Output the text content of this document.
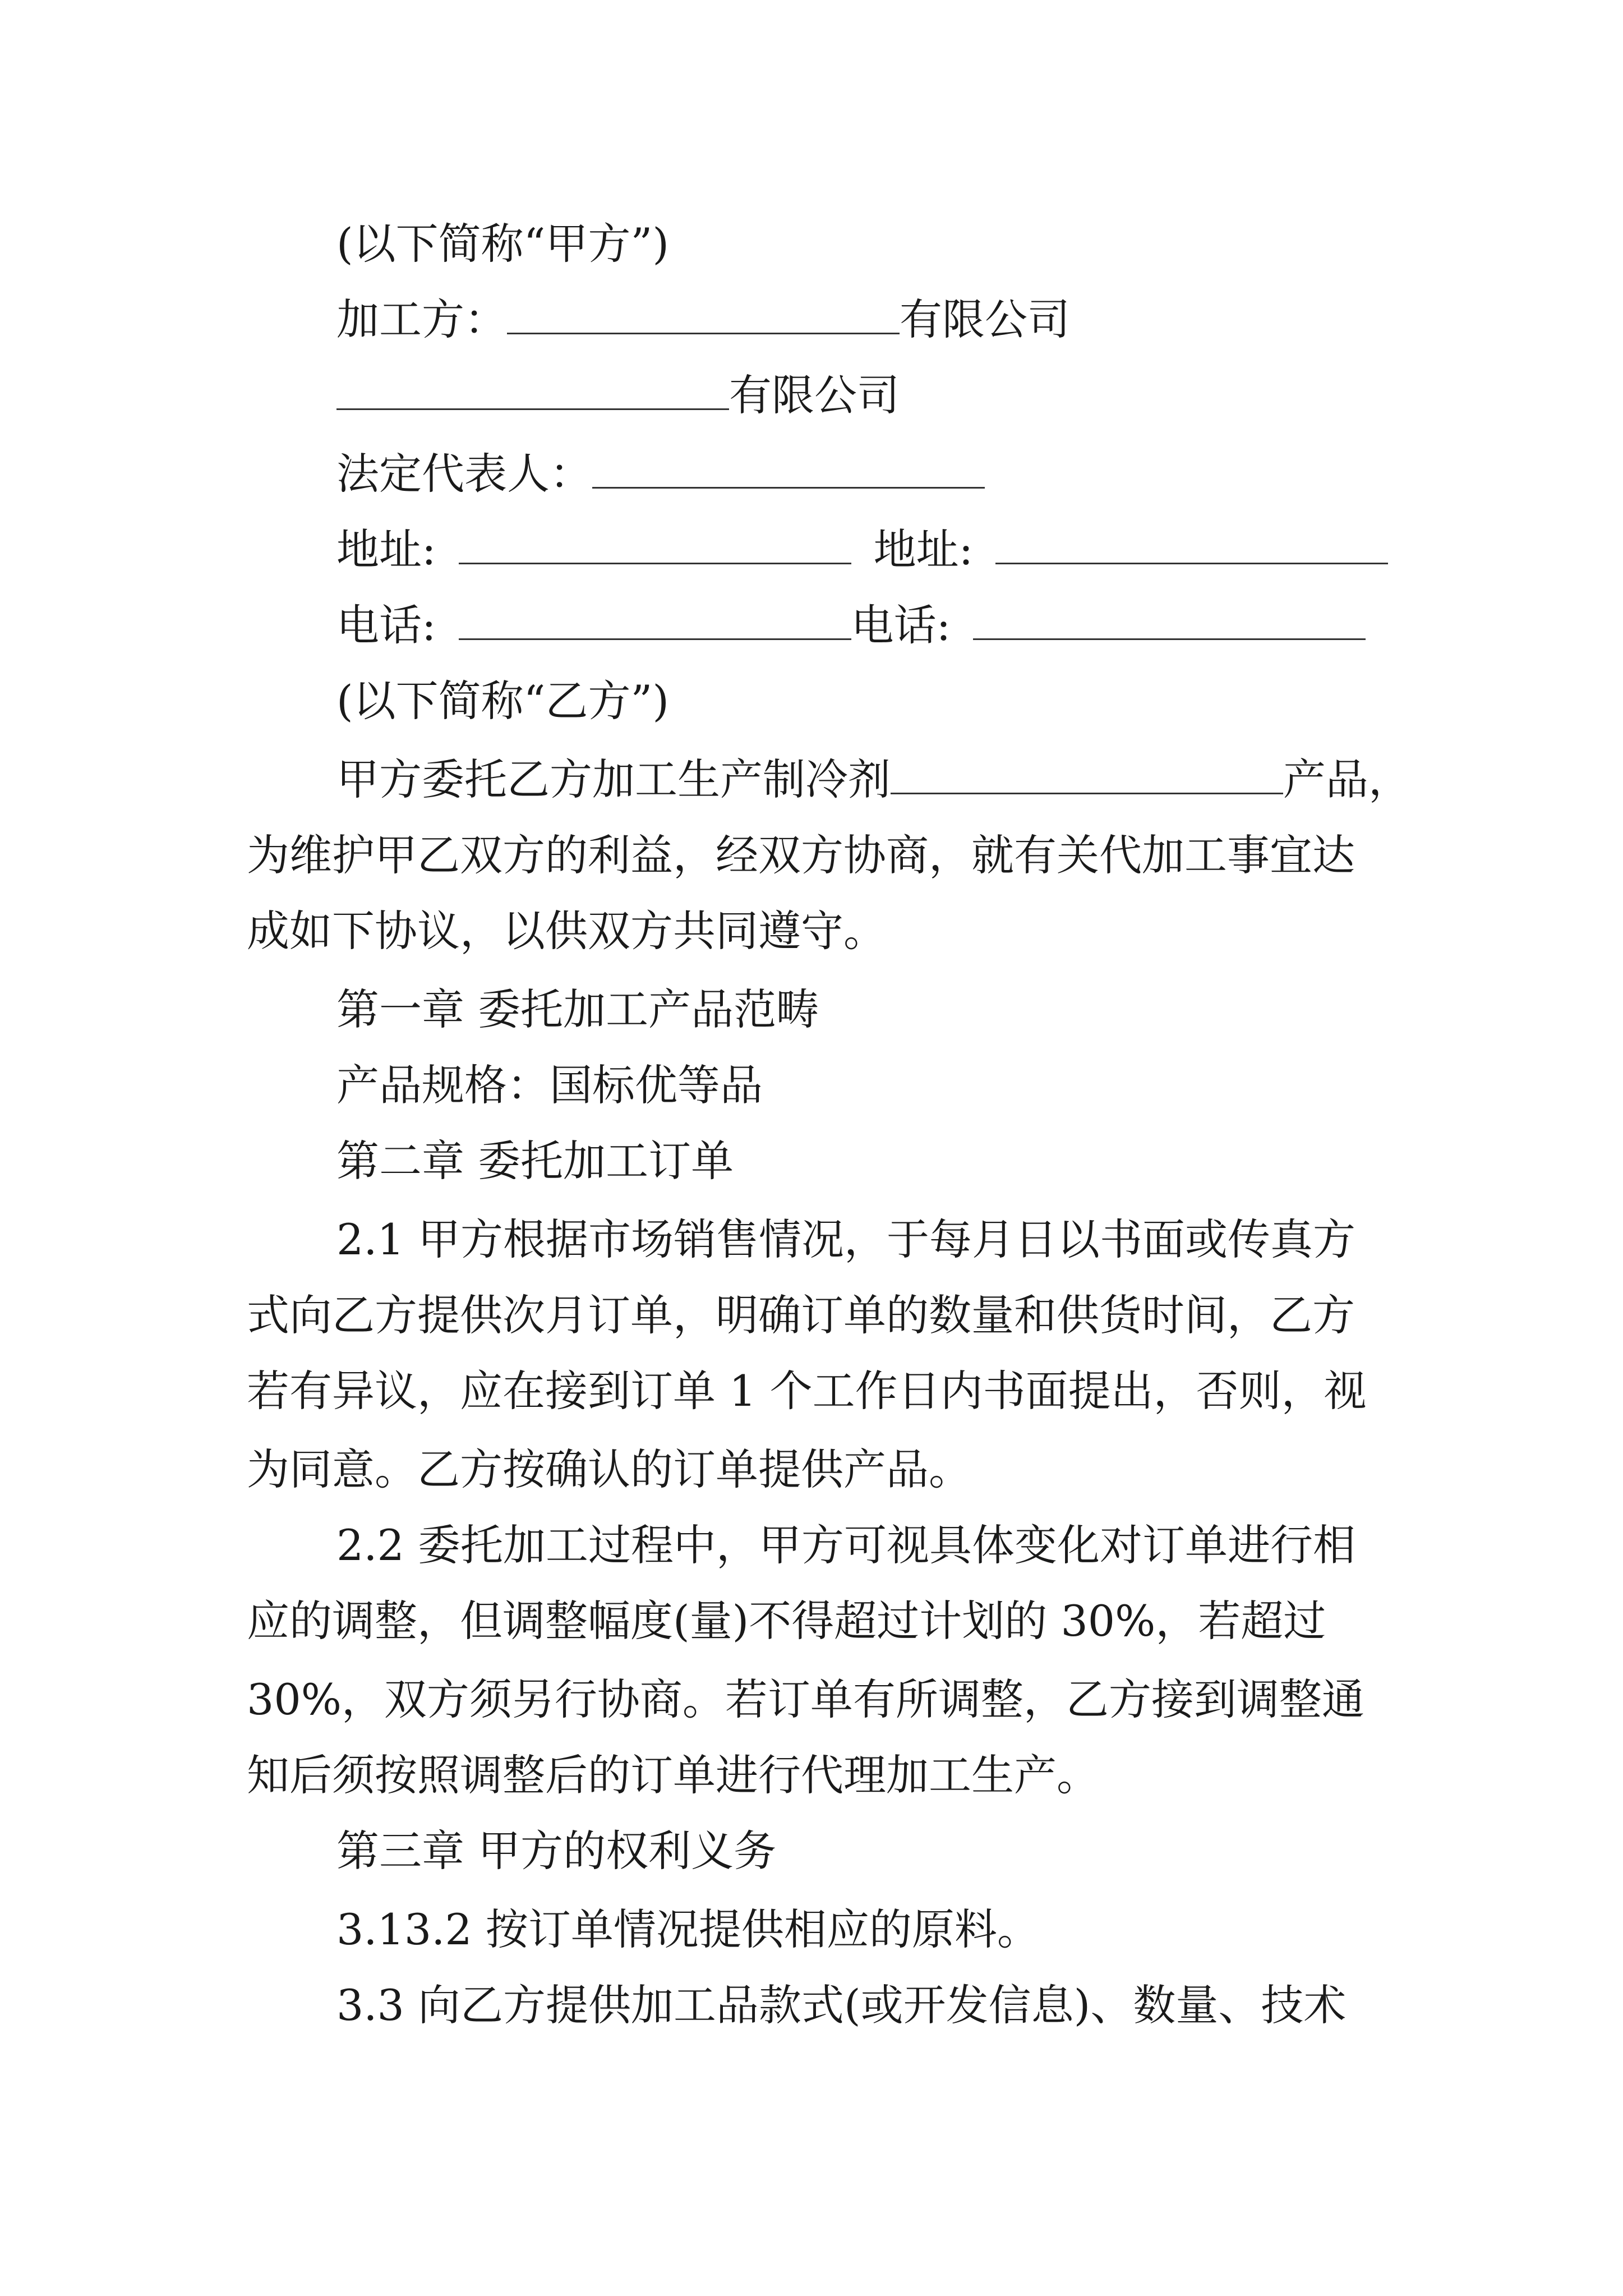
(以下简称“甲方”)
加工方：	有限公司
有限公司
法定代表人：
地址:	地址:
电话:	电话:
(以下简称“乙方”)
甲方委托乙方加工生产制冷剂	产品，
为维护甲乙双方的利益，经双方协商，就有关代加工事宜达
成如下协议，以供双方共同遵守。
第一章 委托加工产品范畴
产品规格：国标优等品
第二章 委托加工订单
2.1 甲方根据市场销售情况，于每月日以书面或传真方
式向乙方提供次月订单，明确订单的数量和供货时间，乙方
若有异议，应在接到订单 1 个工作日内书面提出，否则，视
为同意。乙方按确认的订单提供产品。
2.2 委托加工过程中，甲方可视具体变化对订单进行相
应的调整，但调整幅度(量)不得超过计划的 30%，若超过
30%，双方须另行协商。若订单有所调整，乙方接到调整通
知后须按照调整后的订单进行代理加工生产。
第三章 甲方的权利义务
3.13.2 按订单情况提供相应的原料。
3.3 向乙方提供加工品款式(或开发信息)、数量、技术
